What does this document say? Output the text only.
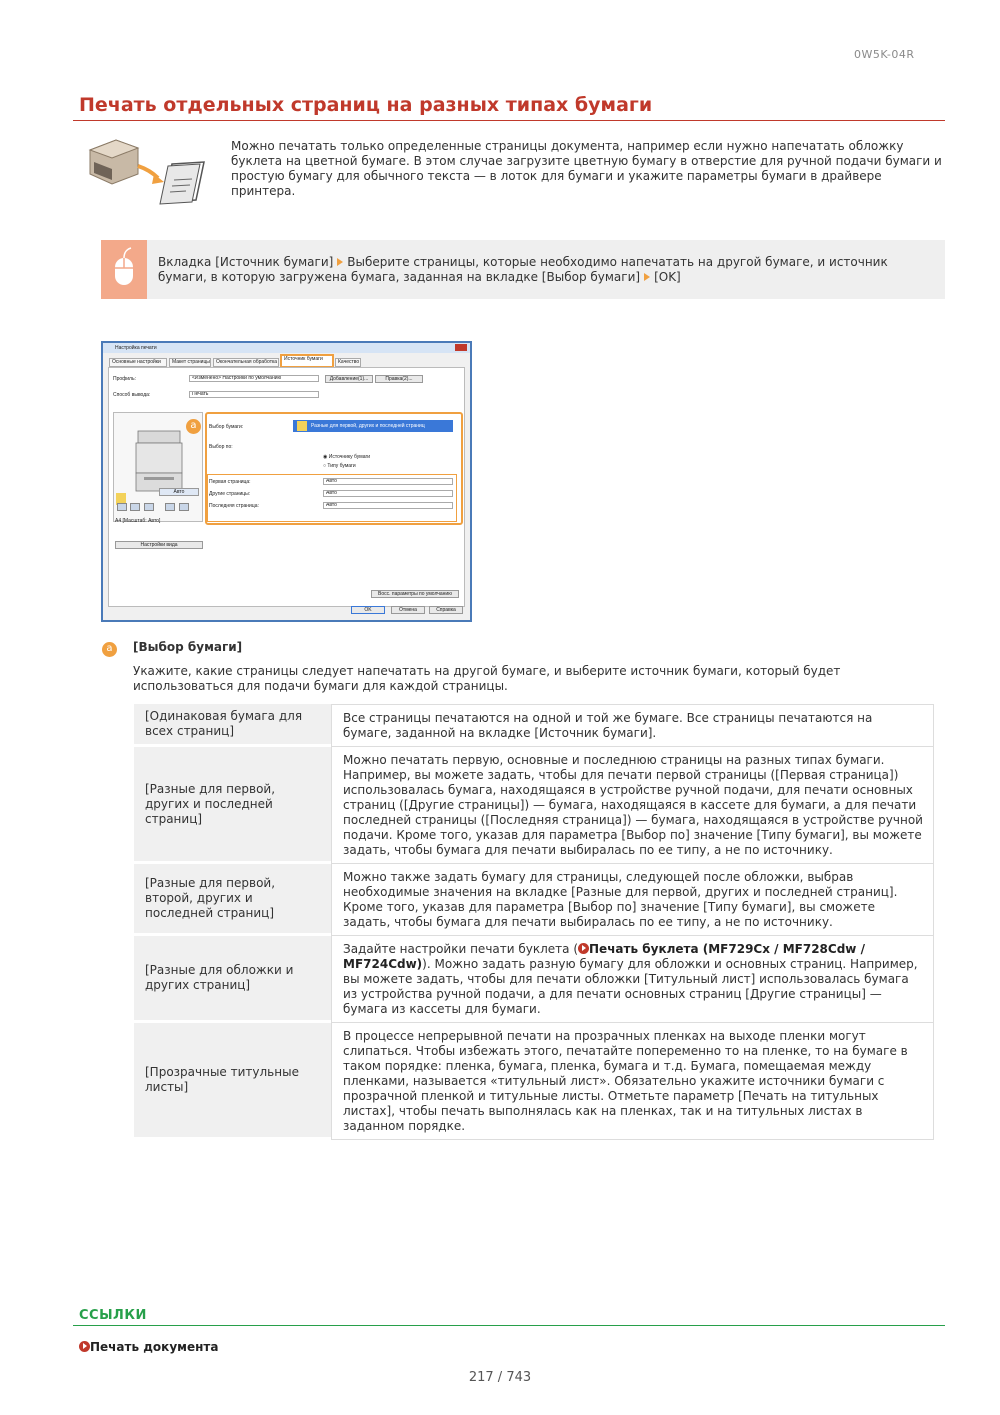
0W5K-04R
Печать отдельных страниц на разных типах бумаги

Можно печатать только определенные страницы документа, например если нужно напечатать обложку буклета на цветной бумаге. В этом случае загрузите цветную бумагу в отверстие для ручной подачи бумаги и простую бумагу для обычного текста — в лоток для бумаги и укажите параметры бумаги в драйвере принтера.

Вкладка [Источник бумаги] Выберите страницы, которые необходимо напечатать на другой бумаге, и источник бумаги, в которую загружена бумага, заданная на вкладке [Выбор бумаги] [OK]

Настройка печати
Основные настройки	Макет страницы	Окончательная обработка	Источник бумаги	Качество
Профиль:	<Изменено> Настройки по умолчанию	Добавление(1)...	Правка(2)...
Способ вывода:	Печать
Авто

A4 [Масштаб: Авто]
Настройки вида
a	Выбор бумаги:	Разные для первой, других и последней страниц
Выбор по:
◉ Источнику бумаги
○ Типу бумаги
Первая страница:	Авто
Другие страницы:	Авто
Последняя страница:	Авто
Восс. параметры по умолчанию
OK	Отмена	Справка
a	[Выбор бумаги]

Укажите, какие страницы следует напечатать на другой бумаге, и выберите источник бумаги, который будет использоваться для подачи бумаги для каждой страницы.

[Одинаковая бумага для всех страниц]	Все страницы печатаются на одной и той же бумаге. Все страницы печатаются на бумаге, заданной на вкладке [Источник бумаги].
[Разные для первой, других и последней страниц]	Можно печатать первую, основные и последнюю страницы на разных типах бумаги. Например, вы можете задать, чтобы для печати первой страницы ([Первая страница]) использовалась бумага, находящаяся в устройстве ручной подачи, для печати основных страниц ([Другие страницы]) — бумага, находящаяся в кассете для бумаги, а для печати последней страницы ([Последняя страница]) — бумага, находящаяся в устройстве ручной подачи. Кроме того, указав для параметра [Выбор по] значение [Типу бумаги], вы можете задать, чтобы бумага для печати выбиралась по ее типу, а не по источнику.
[Разные для первой, второй, других и последней страниц]	Можно также задать бумагу для страницы, следующей после обложки, выбрав необходимые значения на вкладке [Разные для первой, других и последней страниц]. Кроме того, указав для параметра [Выбор по] значение [Типу бумаги], вы сможете задать, чтобы бумага для печати выбиралась по ее типу, а не по источнику.
[Разные для обложки и других страниц]	Задайте настройки печати буклета ( Печать буклета (MF729Cx / MF728Cdw / MF724Cdw)). Можно задать разную бумагу для обложки и основных страниц. Например, вы можете задать, чтобы для печати обложки [Титульный лист] использовалась бумага из устройства ручной подачи, а для печати основных страниц [Другие страницы] — бумага из кассеты для бумаги.
[Прозрачные титульные листы]	В процессе непрерывной печати на прозрачных пленках на выходе пленки могут слипаться. Чтобы избежать этого, печатайте попеременно то на пленке, то на бумаге в таком порядке: пленка, бумага, пленка, бумага и т.д. Бумага, помещаемая между пленками, называется «титульный лист». Обязательно укажите источники бумаги с прозрачной пленкой и титульные листы. Отметьте параметр [Печать на титульных листах], чтобы печать выполнялась как на пленках, так и на титульных листах в заданном порядке.
ССЫЛКИ
Печать документа
217 / 743
